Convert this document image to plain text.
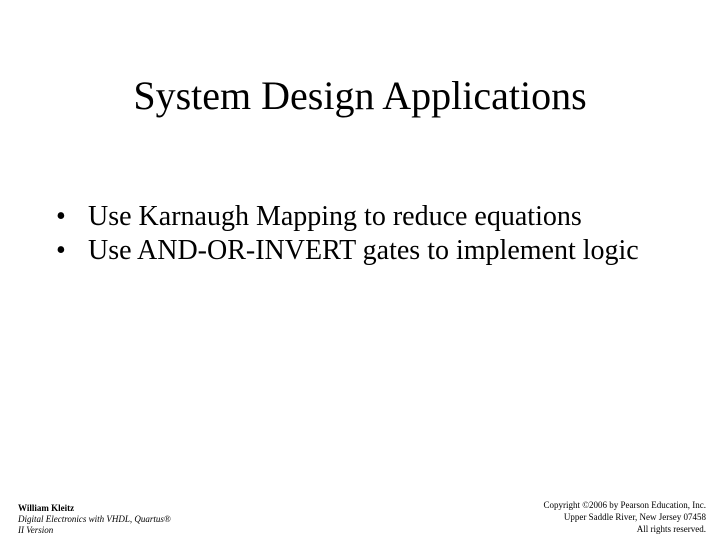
System Design Applications
• Use Karnaugh Mapping to reduce equations
• Use AND-OR-INVERT gates to implement logic
William Kleitz
Digital Electronics with VHDL, Quartus®
II Version
Copyright ©2006 by Pearson Education, Inc.
Upper Saddle River, New Jersey 07458
All rights reserved.
